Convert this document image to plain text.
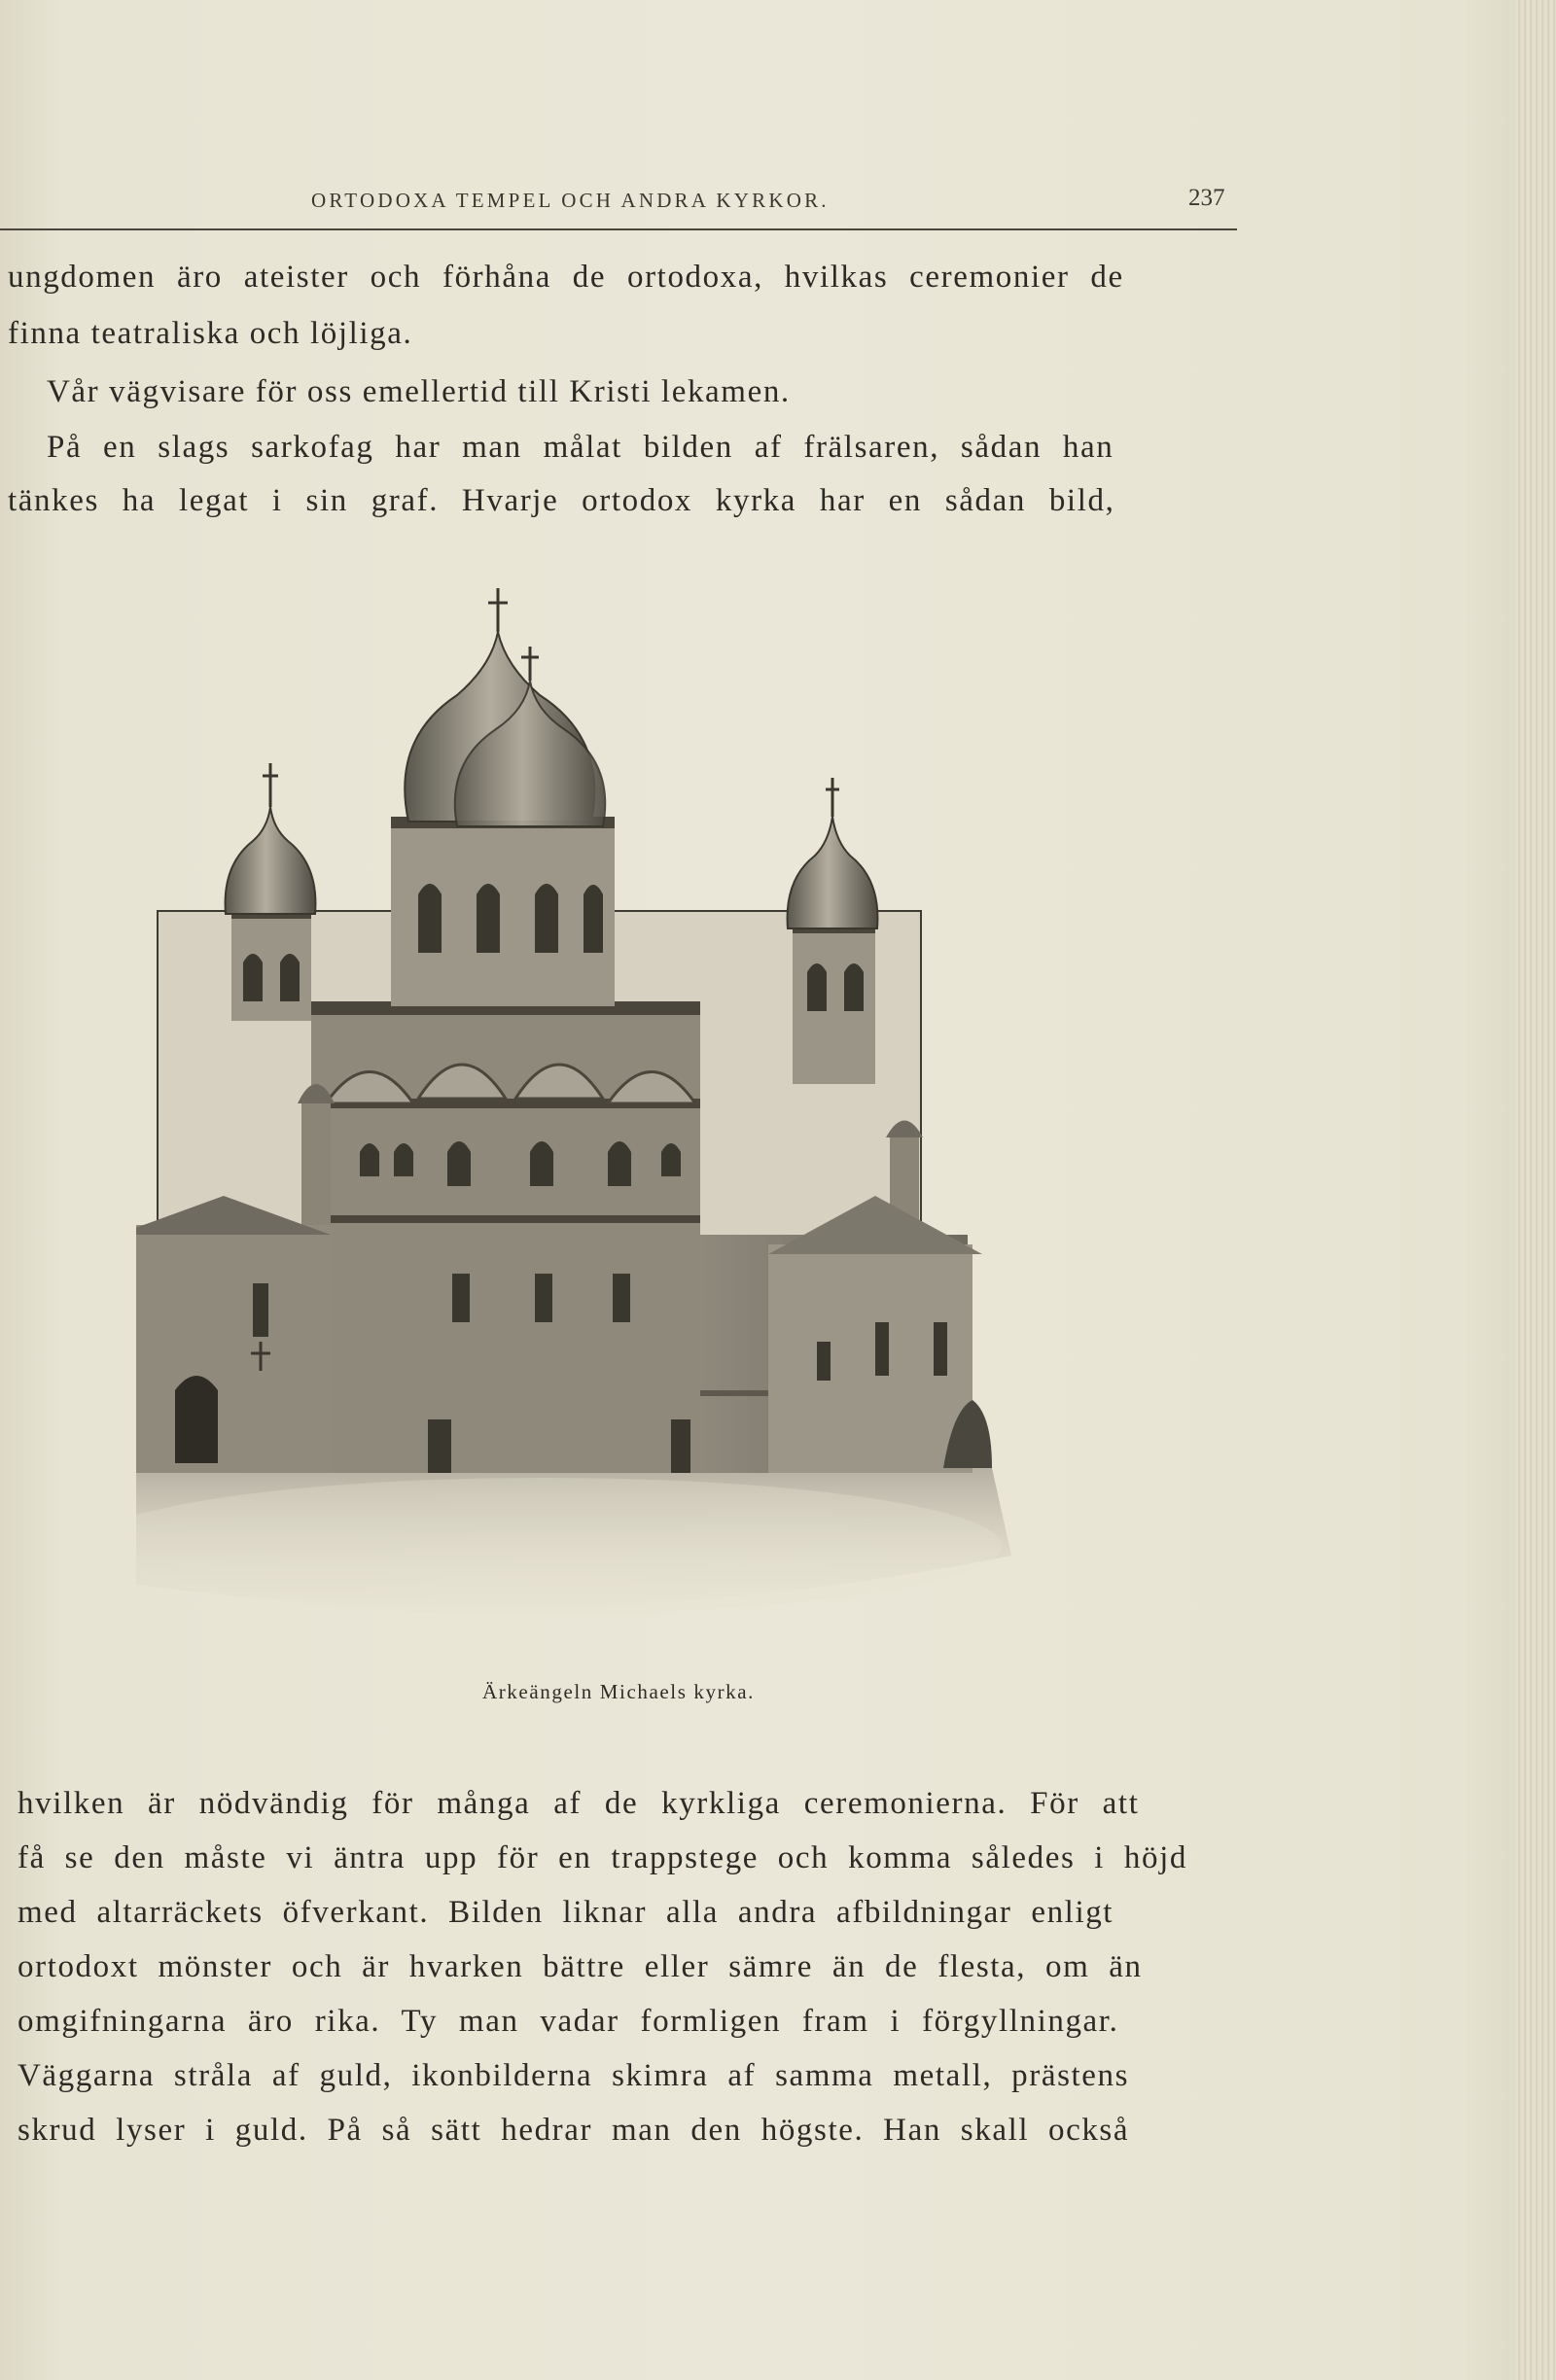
ORTODOXA TEMPEL OCH ANDRA KYRKOR.	237

ungdomen äro ateister och förhåna de ortodoxa, hvilkas ceremonier de

finna teatraliska och löjliga.

Vår vägvisare för oss emellertid till Kristi lekamen.

På en slags sarkofag har man målat bilden af frälsaren, sådan han

tänkes ha legat i sin graf. Hvarje ortodox kyrka har en sådan bild,

Ärkeängeln Michaels kyrka.

hvilken är nödvändig för många af de kyrkliga ceremonierna. För att

få se den måste vi äntra upp för en trappstege och komma således i höjd

med altarräckets öfverkant. Bilden liknar alla andra afbildningar enligt

ortodoxt mönster och är hvarken bättre eller sämre än de flesta, om än

omgifningarna äro rika. Ty man vadar formligen fram i förgyllningar.

Väggarna stråla af guld, ikonbilderna skimra af samma metall, prästens

skrud lyser i guld. På så sätt hedrar man den högste. Han skall också
